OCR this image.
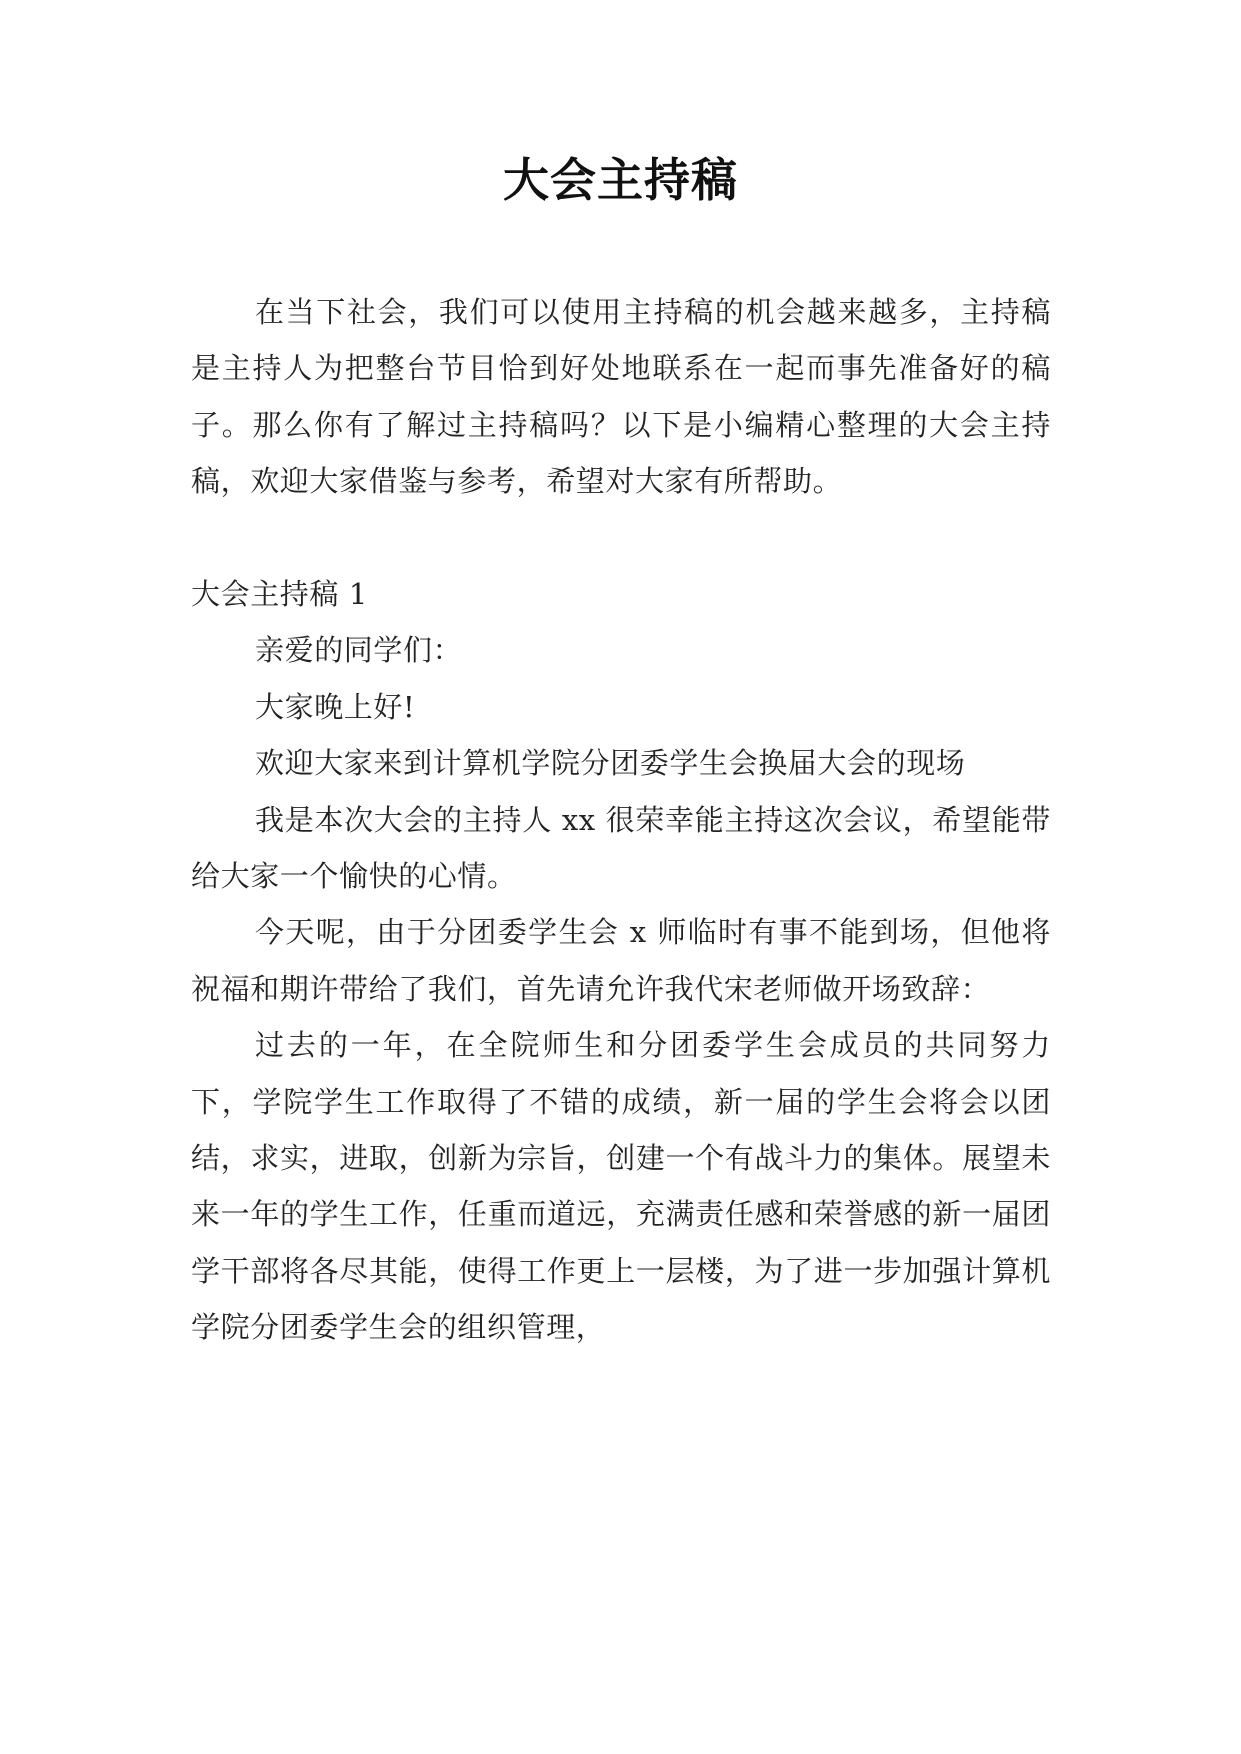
大会主持稿

在当下社会，我们可以使用主持稿的机会越来越多，主持稿是主持人为把整台节目恰到好处地联系在一起而事先准备好的稿子。那么你有了解过主持稿吗？以下是小编精心整理的大会主持稿，欢迎大家借鉴与参考，希望对大家有所帮助。

大会主持稿 1

亲爱的同学们：

大家晚上好!

欢迎大家来到计算机学院分团委学生会换届大会的现场

我是本次大会的主持人 xx 很荣幸能主持这次会议，希望能带给大家一个愉快的心情。

今天呢，由于分团委学生会 x 师临时有事不能到场，但他将祝福和期许带给了我们，首先请允许我代宋老师做开场致辞：

过去的一年，在全院师生和分团委学生会成员的共同努力下，学院学生工作取得了不错的成绩，新一届的学生会将会以团结，求实，进取，创新为宗旨，创建一个有战斗力的集体。展望未来一年的学生工作，任重而道远，充满责任感和荣誉感的新一届团学干部将各尽其能，使得工作更上一层楼，为了进一步加强计算机学院分团委学生会的组织管理，
